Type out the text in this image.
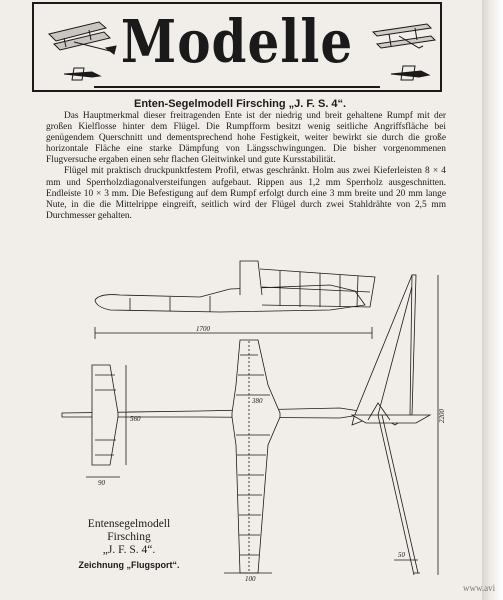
Modelle
Enten-Segelmodell Firsching „J. F. S. 4“.

Das Hauptmerkmal dieser freitragenden Ente ist der niedrig und breit gehaltene Rumpf mit der großen Kielflosse hinter dem Flügel. Die Rumpfform besitzt wenig seitliche Angriffsfläche bei genügendem Querschnitt und dementsprechend hohe Festigkeit, weiter bewirkt sie durch die große horizontale Fläche eine starke Dämpfung von Längsschwingungen. Die bisher vorgenommenen Flugversuche ergaben einen sehr flachen Gleitwinkel und gute Kursstabilität.

Flügel mit praktisch druckpunktfestem Profil, etwas geschränkt. Holm aus zwei Kieferleisten 8 × 4 mm und Sperrholzdiagonalversteifungen aufgebaut. Rippen aus 1,2 mm Sperrholz ausgeschnitten. Endleiste 10 × 3 mm. Die Befestigung auf dem Rumpf erfolgt durch eine 3 mm breite und 20 mm lange Nute, in die die Mittelrippe eingreift, seitlich wird der Flügel durch zwei Stahldrähte von 2,5 mm Durchmesser gehalten.

1700
380
560
100
90
2200
50
Entensegelmodell
Firsching
„J. F. S. 4“.
Zeichnung „Flugsport“.
www.avi
